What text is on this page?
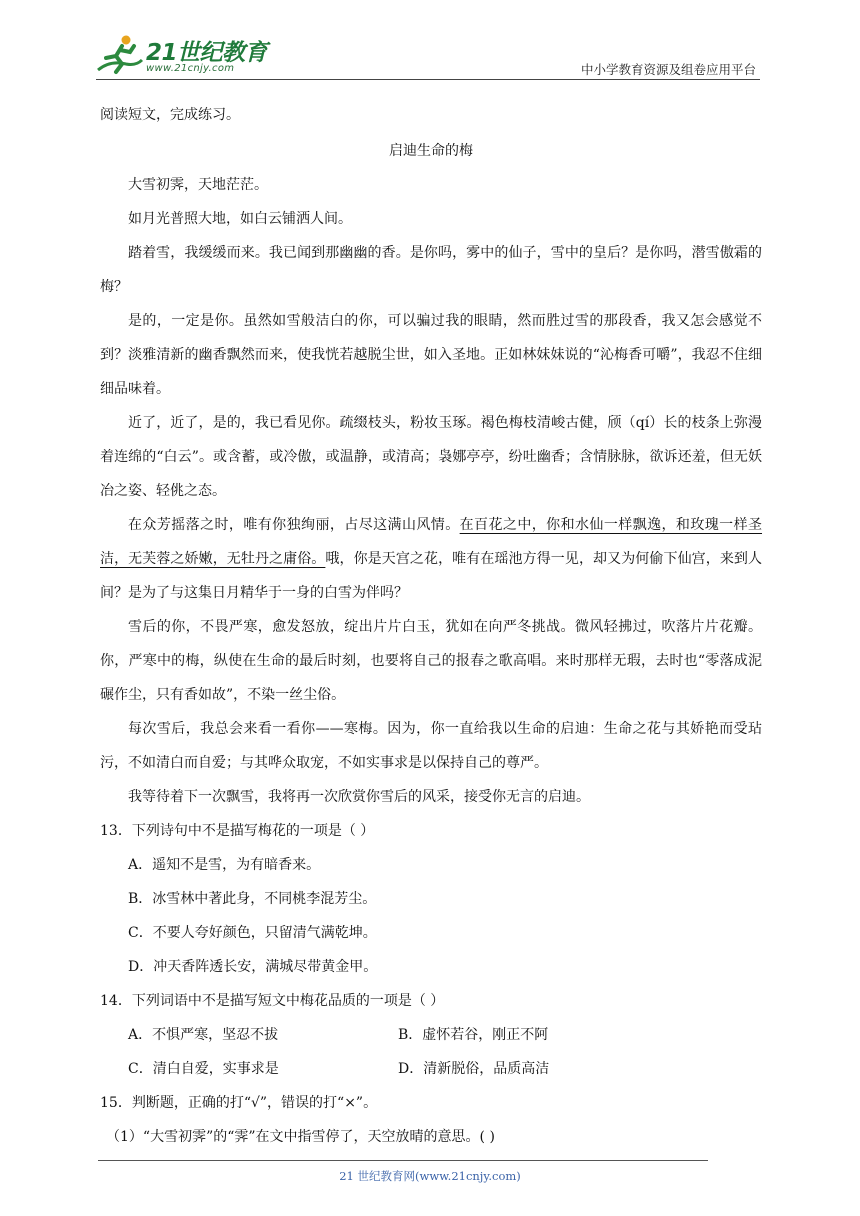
21世纪教育
www.21cnjy.com	中小学教育资源及组卷应用平台

阅读短文，完成练习。

启迪生命的梅

大雪初霁，天地茫茫。

如月光普照大地，如白云铺洒人间。

踏着雪，我缓缓而来。我已闻到那幽幽的香。是你吗，雾中的仙子，雪中的皇后？是你吗，潜雪傲霜的梅？

是的，一定是你。虽然如雪般洁白的你，可以骗过我的眼睛，然而胜过雪的那段香，我又怎会感觉不到？淡雅清新的幽香飘然而来，使我恍若越脱尘世，如入圣地。正如林妹妹说的“沁梅香可嚼”，我忍不住细细品味着。

近了，近了，是的，我已看见你。疏缀枝头，粉妆玉琢。褐色梅枝清峻古健，颀（qí）长的枝条上弥漫着连绵的“白云”。或含蓄，或冷傲，或温静，或清高；袅娜亭亭，纷吐幽香；含情脉脉，欲诉还羞，但无妖冶之姿、轻佻之态。

在众芳摇落之时，唯有你独绚丽，占尽这满山风情。在百花之中，你和水仙一样飘逸，和玫瑰一样圣洁，无芙蓉之娇嫩，无牡丹之庸俗。哦，你是天宫之花，唯有在瑶池方得一见，却又为何偷下仙宫，来到人间？是为了与这集日月精华于一身的白雪为伴吗？

雪后的你，不畏严寒，愈发怒放，绽出片片白玉，犹如在向严冬挑战。微风轻拂过，吹落片片花瓣。你，严寒中的梅，纵使在生命的最后时刻，也要将自己的报春之歌高唱。来时那样无瑕，去时也“零落成泥碾作尘，只有香如故”，不染一丝尘俗。

每次雪后，我总会来看一看你——寒梅。因为，你一直给我以生命的启迪：生命之花与其娇艳而受玷污，不如清白而自爱；与其哗众取宠，不如实事求是以保持自己的尊严。

我等待着下一次飘雪，我将再一次欣赏你雪后的风采，接受你无言的启迪。

13．下列诗句中不是描写梅花的一项是（ ）

A．遥知不是雪，为有暗香来。

B．冰雪林中著此身，不同桃李混芳尘。

C．不要人夸好颜色，只留清气满乾坤。

D．冲天香阵透长安，满城尽带黄金甲。

14．下列词语中不是描写短文中梅花品质的一项是（ ）

A．不惧严寒，坚忍不拔	B．虚怀若谷，刚正不阿
C．清白自爱，实事求是	D．清新脱俗，品质高洁

15．判断题，正确的打“√”，错误的打“×”。

（1）“大雪初霁”的“霁”在文中指雪停了，天空放晴的意思。( )

21 世纪教育网(www.21cnjy.com)
